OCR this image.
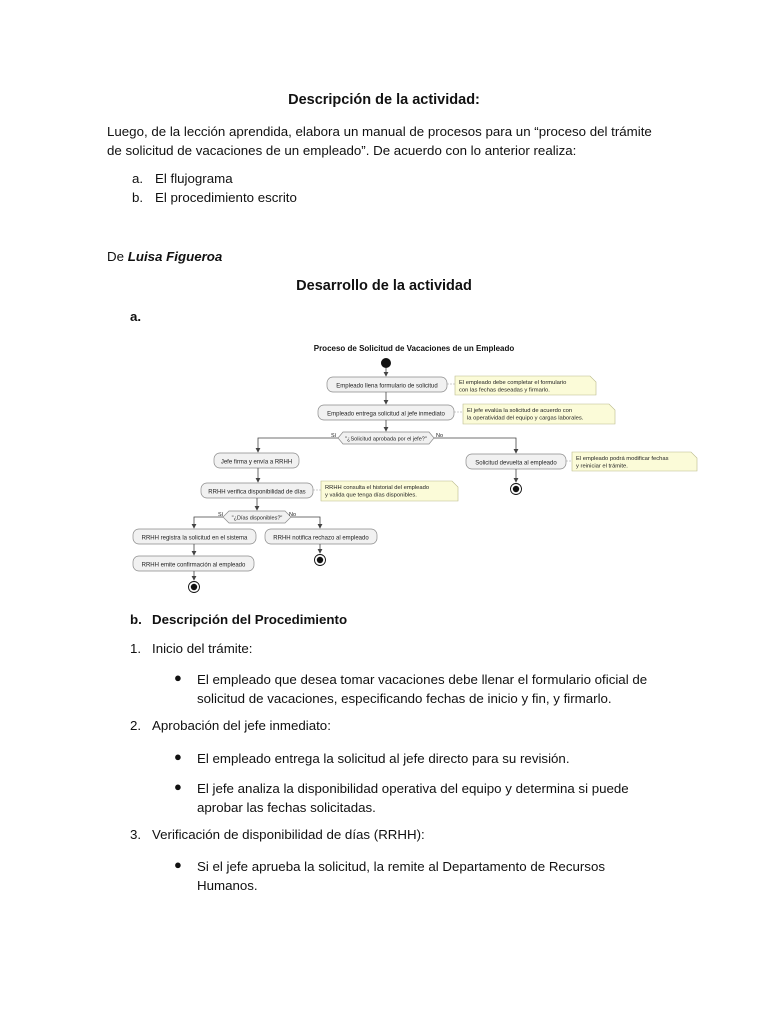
Descripción de la actividad:
Luego, de la lección aprendida, elabora un manual de procesos para un “proceso del trámite
de solicitud de vacaciones de un empleado”. De acuerdo con lo anterior realiza:
a. El flujograma
b. El procedimiento escrito
De Luisa Figueroa
Desarrollo de la actividad
a.
Proceso de Solicitud de Vacaciones de un Empleado
Empleado llena formulario de solicitud
El empleado debe completar el formulario
con las fechas deseadas y firmarlo.
Empleado entrega solicitud al jefe inmediato
El jefe evalúa la solicitud de acuerdo con
la operatividad del equipo y cargas laborales.
"¿Solicitud aprobada por el jefe?"
Sí	No
Jefe firma y envía a RRHH	Solicitud devuelta al empleado
El empleado podrá modificar fechas
y reiniciar el trámite.
RRHH verifica disponibilidad de días
RRHH consulta el historial del empleado
y valida que tenga días disponibles.
"¿Días disponibles?"
Sí	No
RRHH registra la solicitud en el sistema	RRHH notifica rechazo al empleado
RRHH emite confirmación al empleado
b. Descripción del Procedimiento
1. Inicio del trámite:
● El empleado que desea tomar vacaciones debe llenar el formulario oficial de
solicitud de vacaciones, especificando fechas de inicio y fin, y firmarlo.
2. Aprobación del jefe inmediato:
● El empleado entrega la solicitud al jefe directo para su revisión.
● El jefe analiza la disponibilidad operativa del equipo y determina si puede
aprobar las fechas solicitadas.
3. Verificación de disponibilidad de días (RRHH):
● Si el jefe aprueba la solicitud, la remite al Departamento de Recursos
Humanos.
